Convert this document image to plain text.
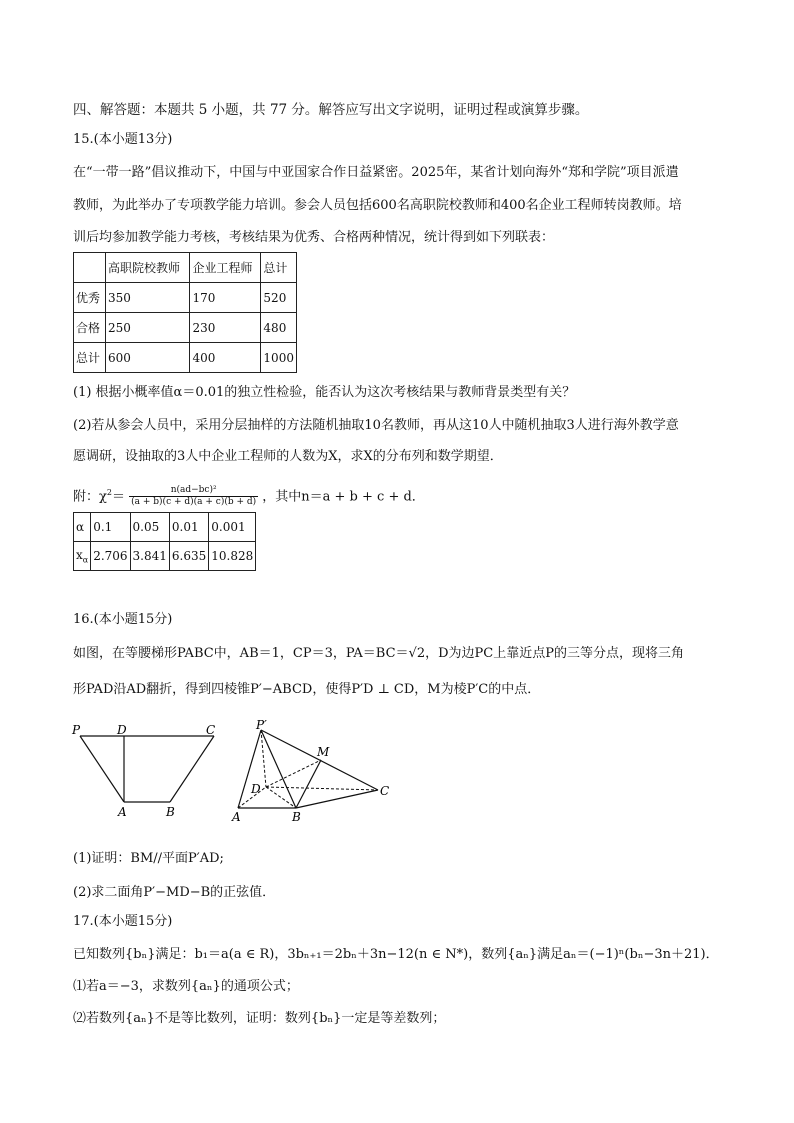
四、解答题：本题共 5 小题，共 77 分。解答应写出文字说明，证明过程或演算步骤。
15.(本小题13分)
在“一带一路”倡议推动下，中国与中亚国家合作日益紧密。2025年，某省计划向海外“郑和学院”项目派遣
教师，为此举办了专项教学能力培训。参会人员包括600名高职院校教师和400名企业工程师转岗教师。培
训后均参加教学能力考核，考核结果为优秀、合格两种情况，统计得到如下列联表：
	高职院校教师	企业工程师	总计
优秀	350	170	520
合格	250	230	480
总计	600	400	1000
(1) 根据小概率值α＝0.01的独立性检验，能否认为这次考核结果与教师背景类型有关？
(2)若从参会人员中，采用分层抽样的方法随机抽取10名教师，再从这10人中随机抽取3人进行海外教学意
愿调研，设抽取的3人中企业工程师的人数为X，求X的分布列和数学期望．
附：$\chi^2= \frac{\text{n(ad−bc)²}}{(a + b)(c + d)(a + c)(b + d)}$ ，其中n＝a + b + c + d．
α	0.1	0.05	0.01	0.001
$x_\alpha$	2.706	3.841	6.635	10.828
16.(本小题15分)
如图，在等腰梯形PABC中，AB＝1，CP＝3，PA＝BC＝√2，D为边PC上靠近点P的三等分点，现将三角
形PAD沿AD翻折，得到四棱锥P′−ABCD，使得P′D ⊥ CD，M为棱P′C的中点．
P	D	C
A	B
P′
M
D	C
A	B
(1)证明：BM//平面P′AD;
(2)求二面角P′−MD−B的正弦值．
17.(本小题15分)
已知数列{bₙ}满足：b₁＝a(a ∈ R)，3bₙ₊₁＝2bₙ＋3n−12(n ∈ N*)，数列{aₙ}满足aₙ＝(−1)ⁿ(bₙ−3n＋21)．
⑴若a＝−3，求数列{aₙ}的通项公式；
⑵若数列{aₙ}不是等比数列，证明：数列{bₙ}一定是等差数列；
